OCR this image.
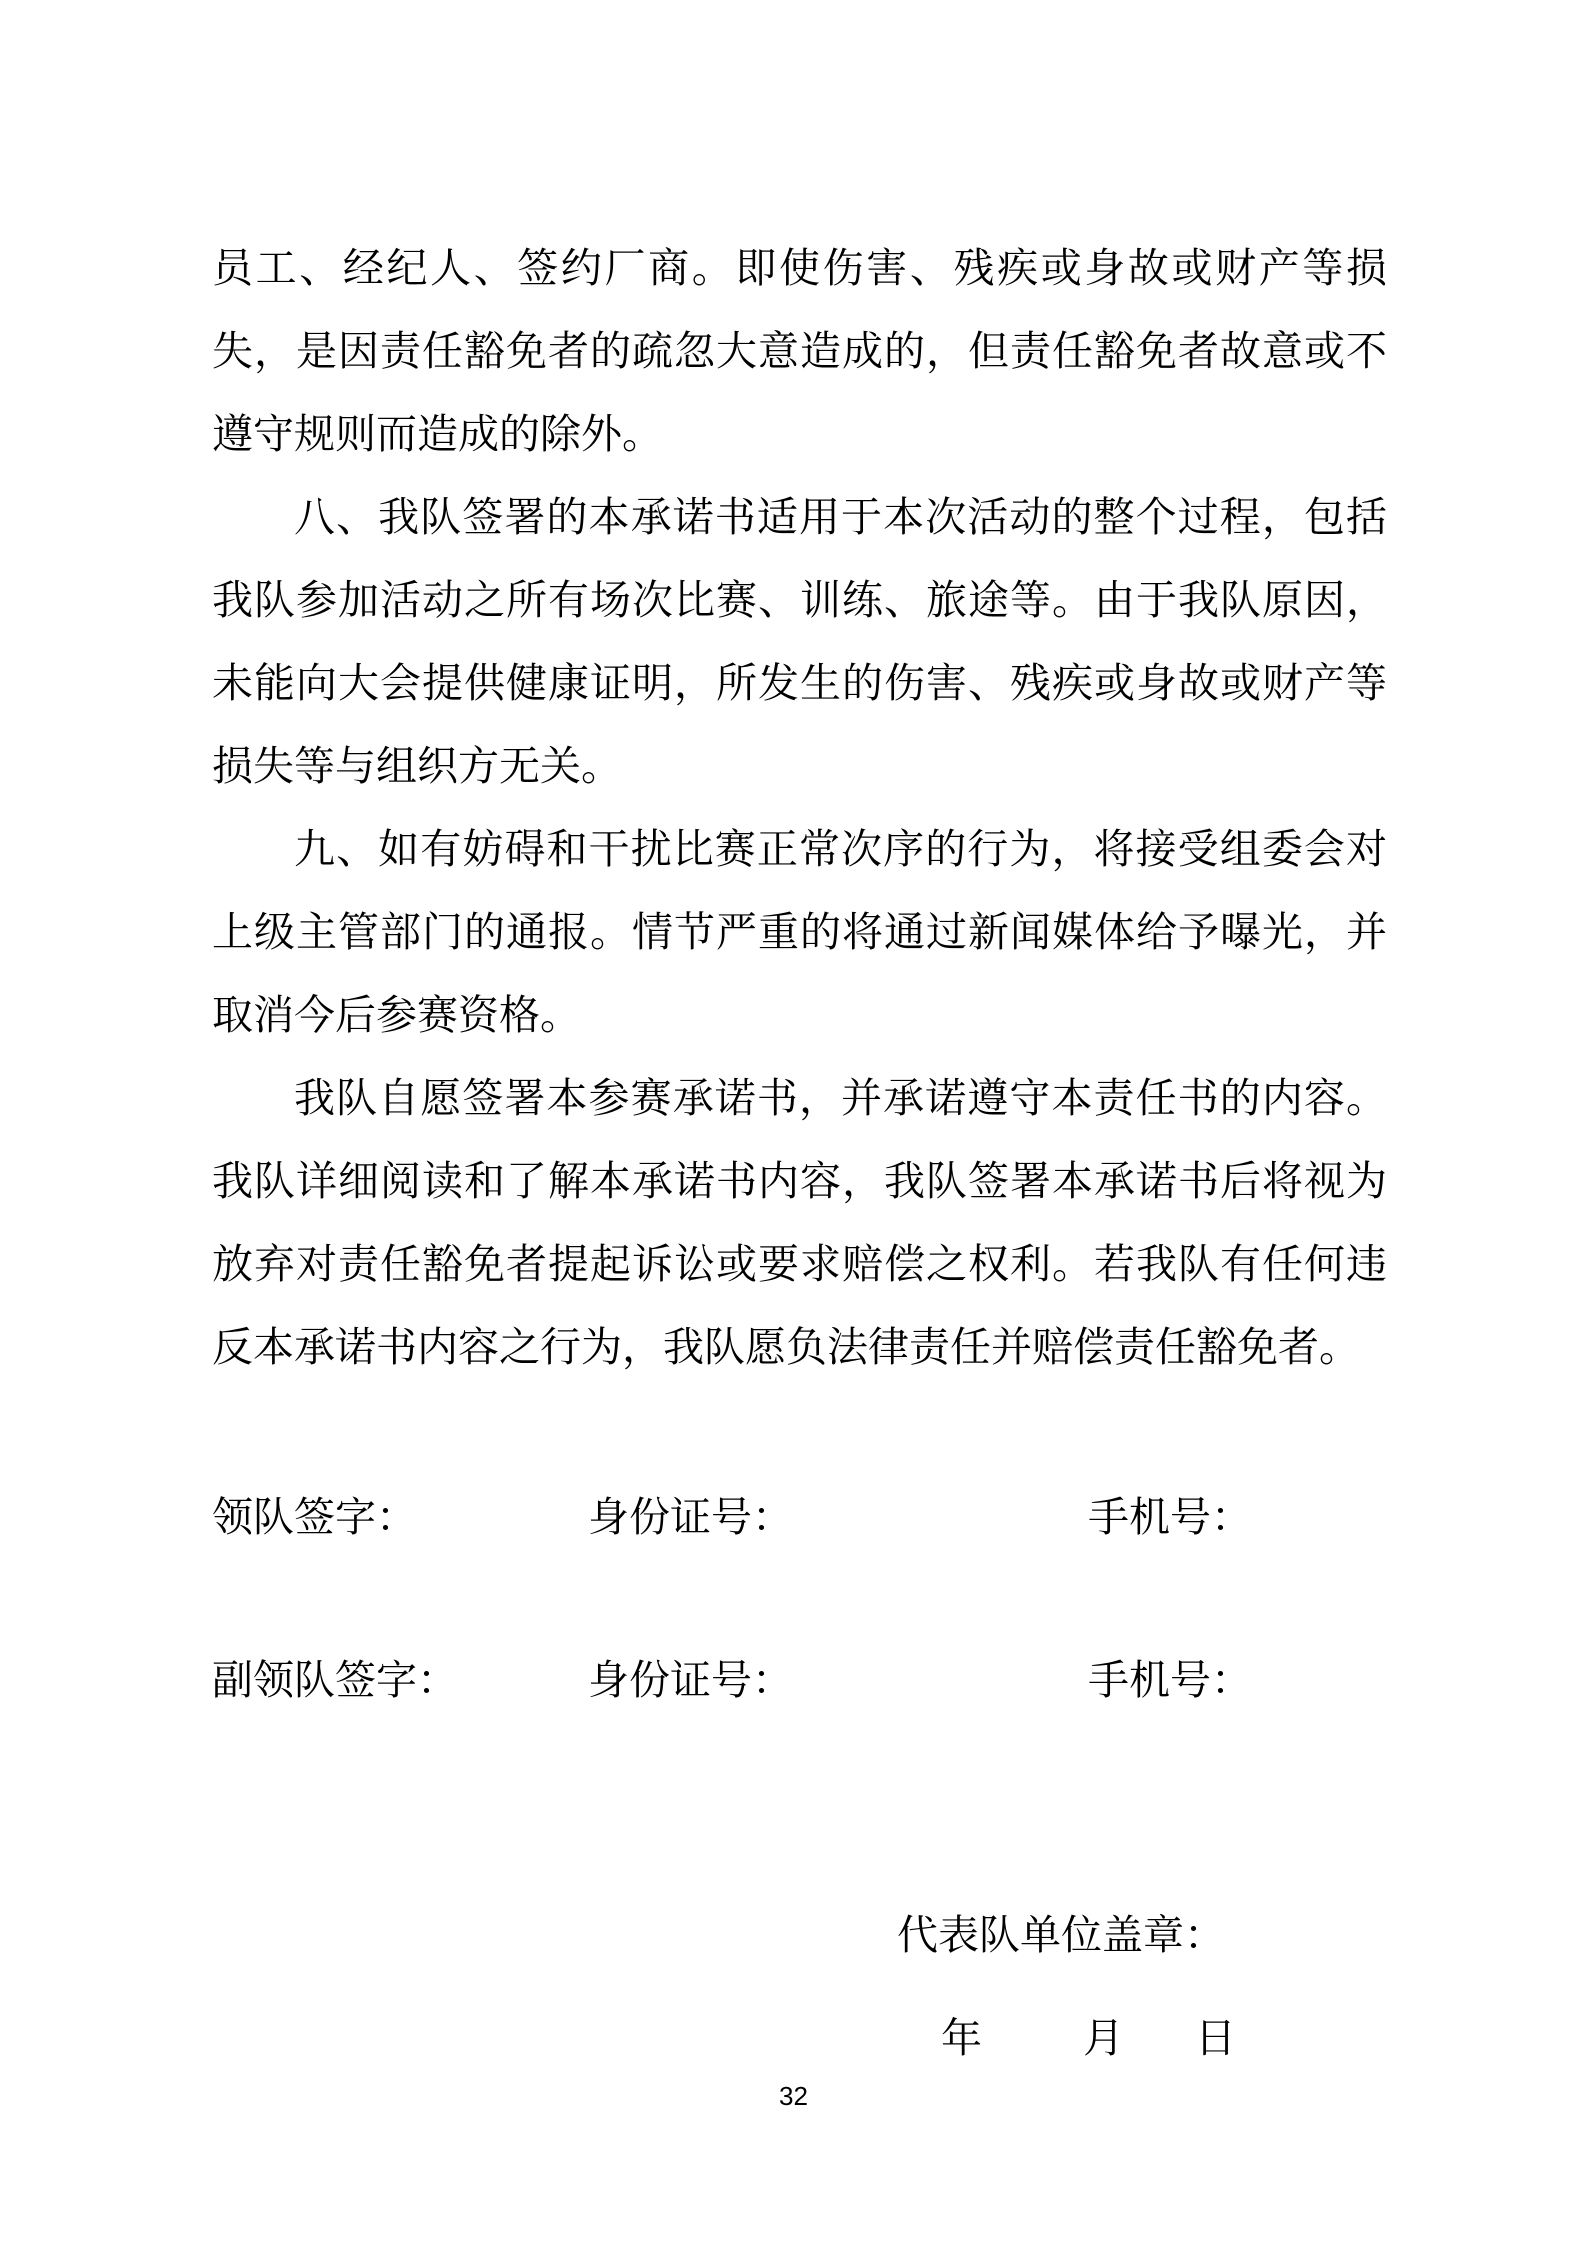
员工、经纪人、签约厂商。即使伤害、残疾或身故或财产等损失，是因责任豁免者的疏忽大意造成的，但责任豁免者故意或不遵守规则而造成的除外。

八、我队签署的本承诺书适用于本次活动的整个过程，包括我队参加活动之所有场次比赛、训练、旅途等。由于我队原因，未能向大会提供健康证明，所发生的伤害、残疾或身故或财产等损失等与组织方无关。

九、如有妨碍和干扰比赛正常次序的行为，将接受组委会对上级主管部门的通报。情节严重的将通过新闻媒体给予曝光，并取消今后参赛资格。

我队自愿签署本参赛承诺书，并承诺遵守本责任书的内容。我队详细阅读和了解本承诺书内容，我队签署本承诺书后将视为放弃对责任豁免者提起诉讼或要求赔偿之权利。若我队有任何违反本承诺书内容之行为，我队愿负法律责任并赔偿责任豁免者。

领队签字：	身份证号：	手机号：
副领队签字：	身份证号：	手机号：
代表队单位盖章：
年 月 日
32
